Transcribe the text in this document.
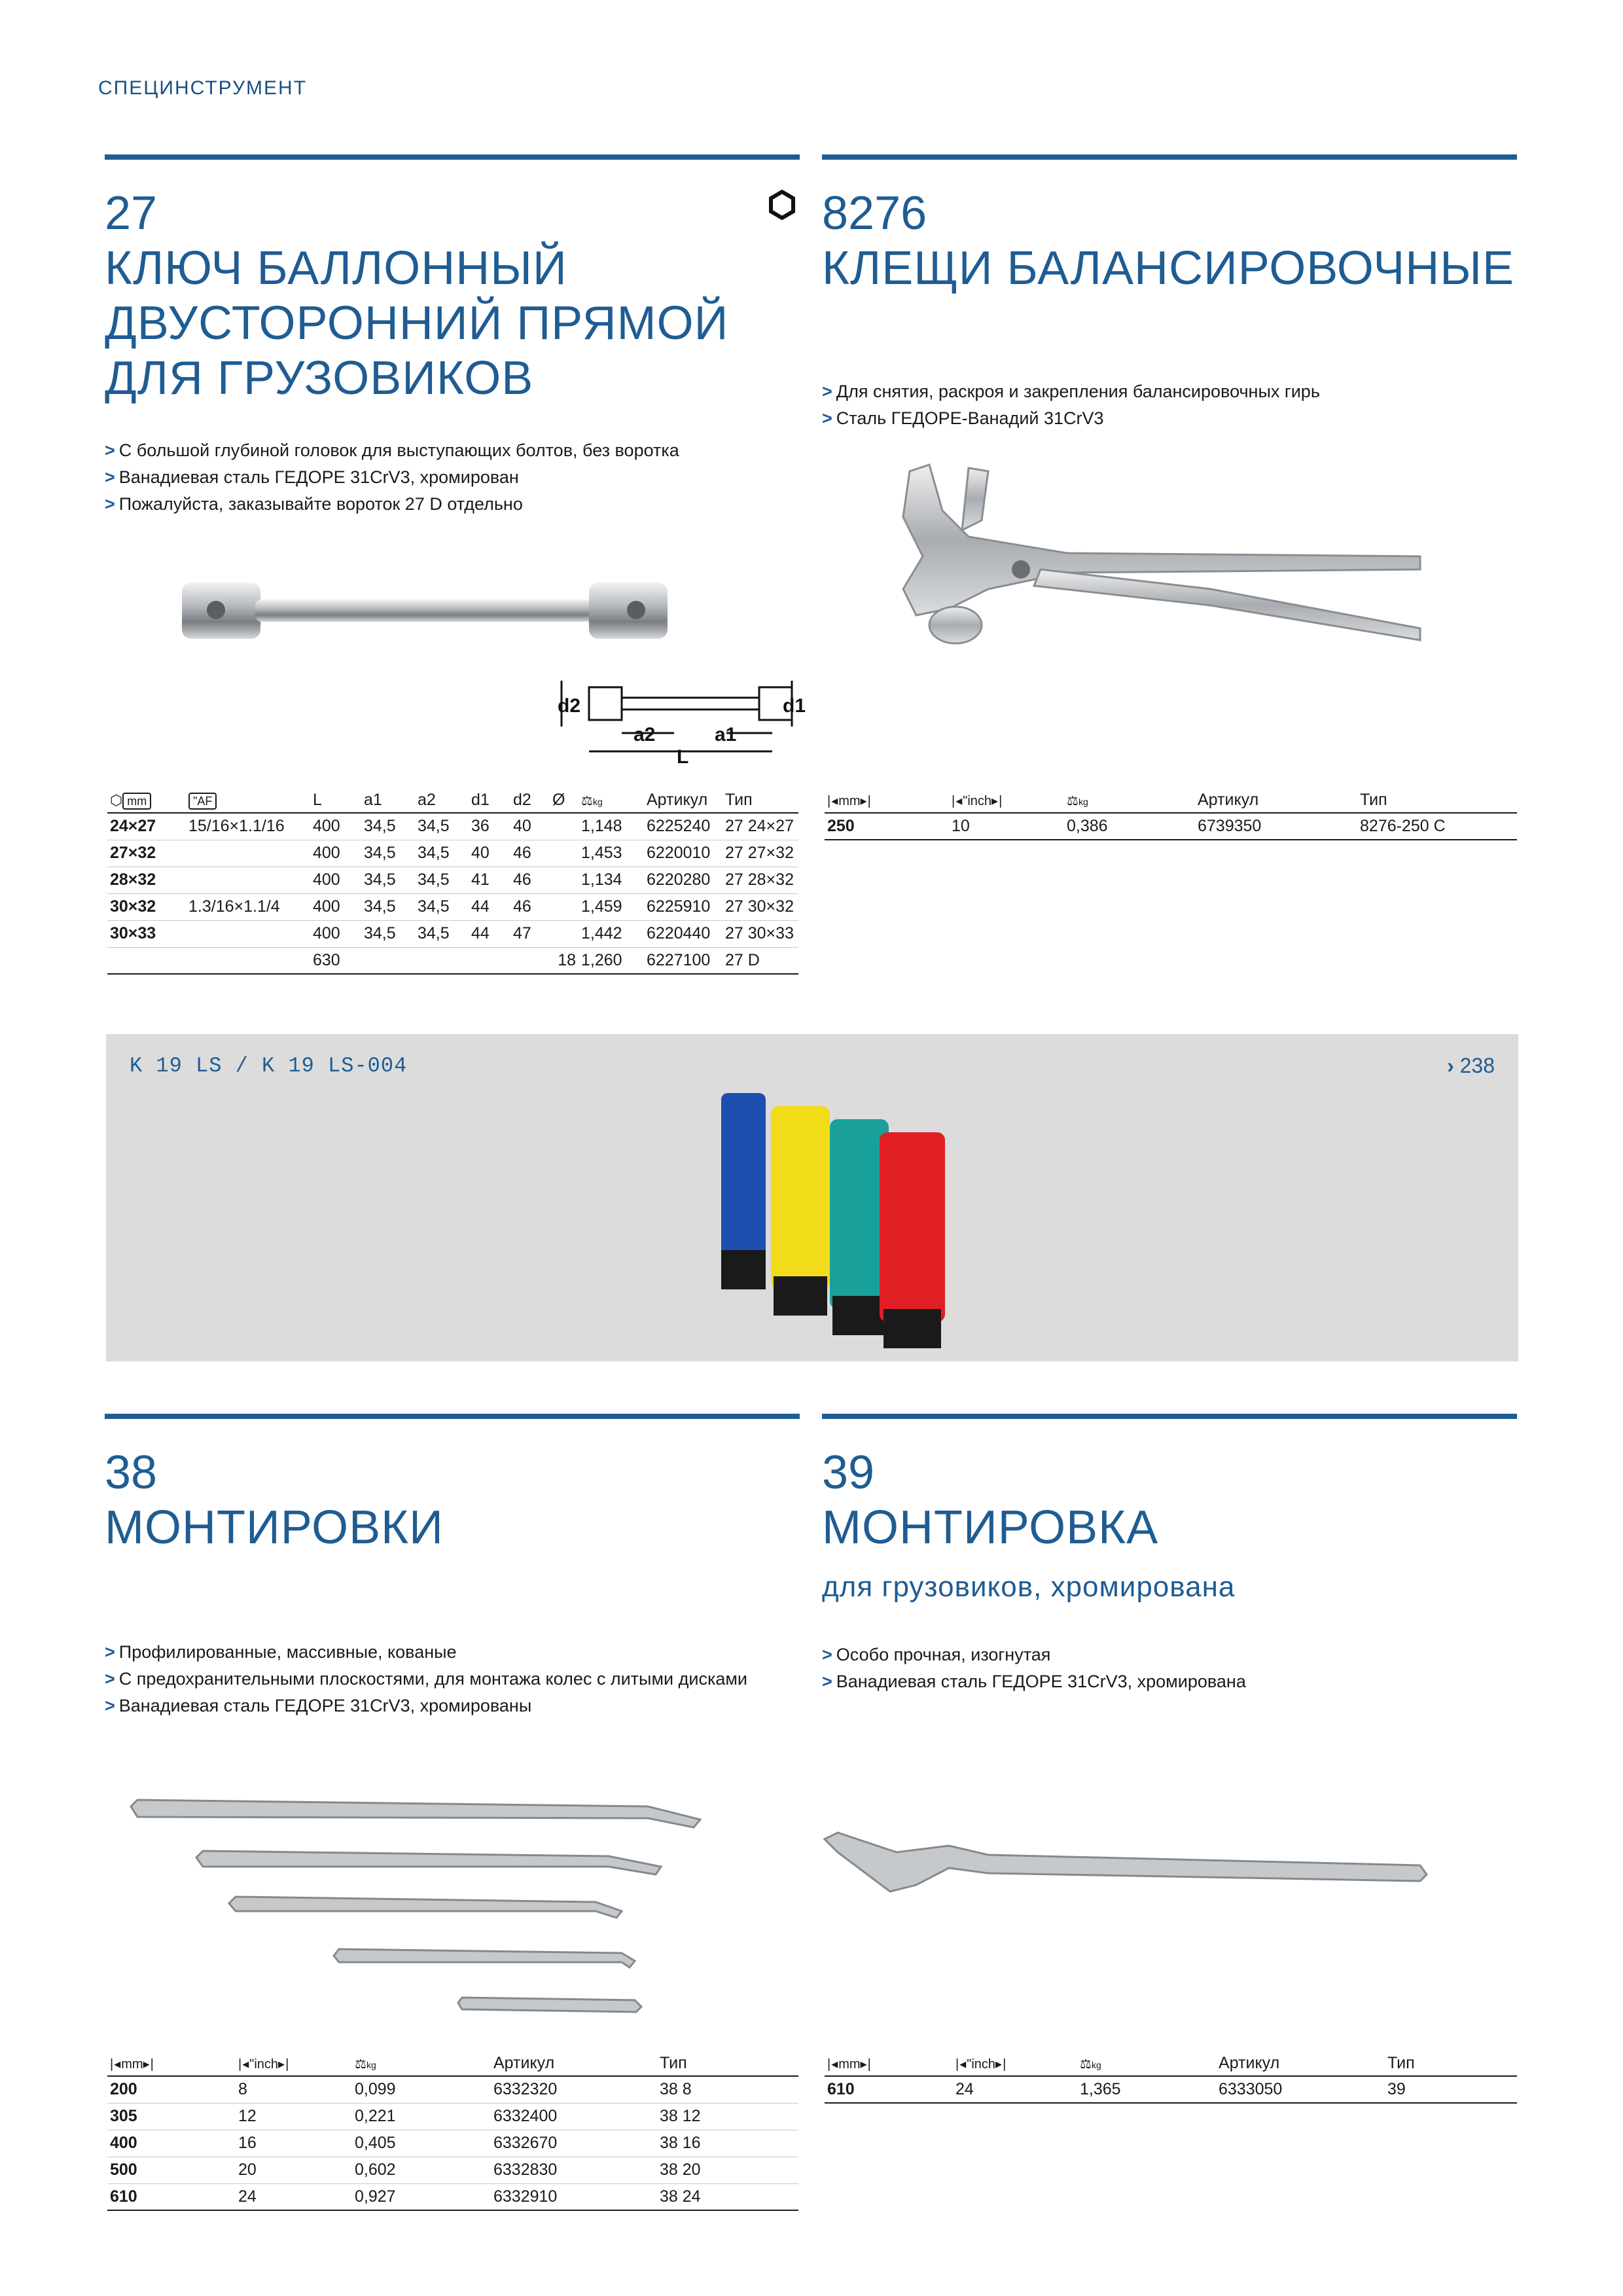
СПЕЦИНСТРУМЕНТ
27
КЛЮЧ БАЛЛОННЫЙ
ДВУСТОРОННИЙ ПРЯМОЙ
ДЛЯ ГРУЗОВИКОВ
> С большой глубиной головок для выступающих болтов, без воротка
> Ванадиевая сталь ГЕДОРЕ 31CrV3, хромирован
> Пожалуйста, заказывайте вороток 27 D отдельно
d2	d1
a2	a1
L
⬡ mm	"AF	L	a1	a2	d1	d2	Ø	⚖kg	Артикул	Тип
24×27	15/16×1.1/16	400	34,5	34,5	36	40		1,148	6225240	27 24×27
27×32		400	34,5	34,5	40	46		1,453	6220010	27 27×32
28×32		400	34,5	34,5	41	46		1,134	6220280	27 28×32
30×32	1.3/16×1.1/4	400	34,5	34,5	44	46		1,459	6225910	27 30×32
30×33		400	34,5	34,5	44	47		1,442	6220440	27 30×33
		630					18	1,260	6227100	27 D
8276
КЛЕЩИ БАЛАНСИРОВОЧНЫЕ
> Для снятия, раскроя и закрепления балансировочных гирь
> Сталь ГЕДОРЕ-Ванадий 31CrV3
|◂mm▸|	|◂"inch▸|	⚖kg	Артикул	Тип
250	10	0,386	6739350	8276-250 C
K 19 LS / K 19 LS-004	› 238
38
МОНТИРОВКИ
> Профилированные, массивные, кованые
> С предохранительными плоскостями, для монтажа колес с литыми дисками
> Ванадиевая сталь ГЕДОРЕ 31CrV3, хромированы
|◂mm▸|	|◂"inch▸|	⚖kg	Артикул	Тип
200	8	0,099	6332320	38 8
305	12	0,221	6332400	38 12
400	16	0,405	6332670	38 16
500	20	0,602	6332830	38 20
610	24	0,927	6332910	38 24
39
МОНТИРОВКА
для грузовиков, хромирована
> Особо прочная, изогнутая
> Ванадиевая сталь ГЕДОРЕ 31CrV3, хромирована
|◂mm▸|	|◂"inch▸|	⚖kg	Артикул	Тип
610	24	1,365	6333050	39
